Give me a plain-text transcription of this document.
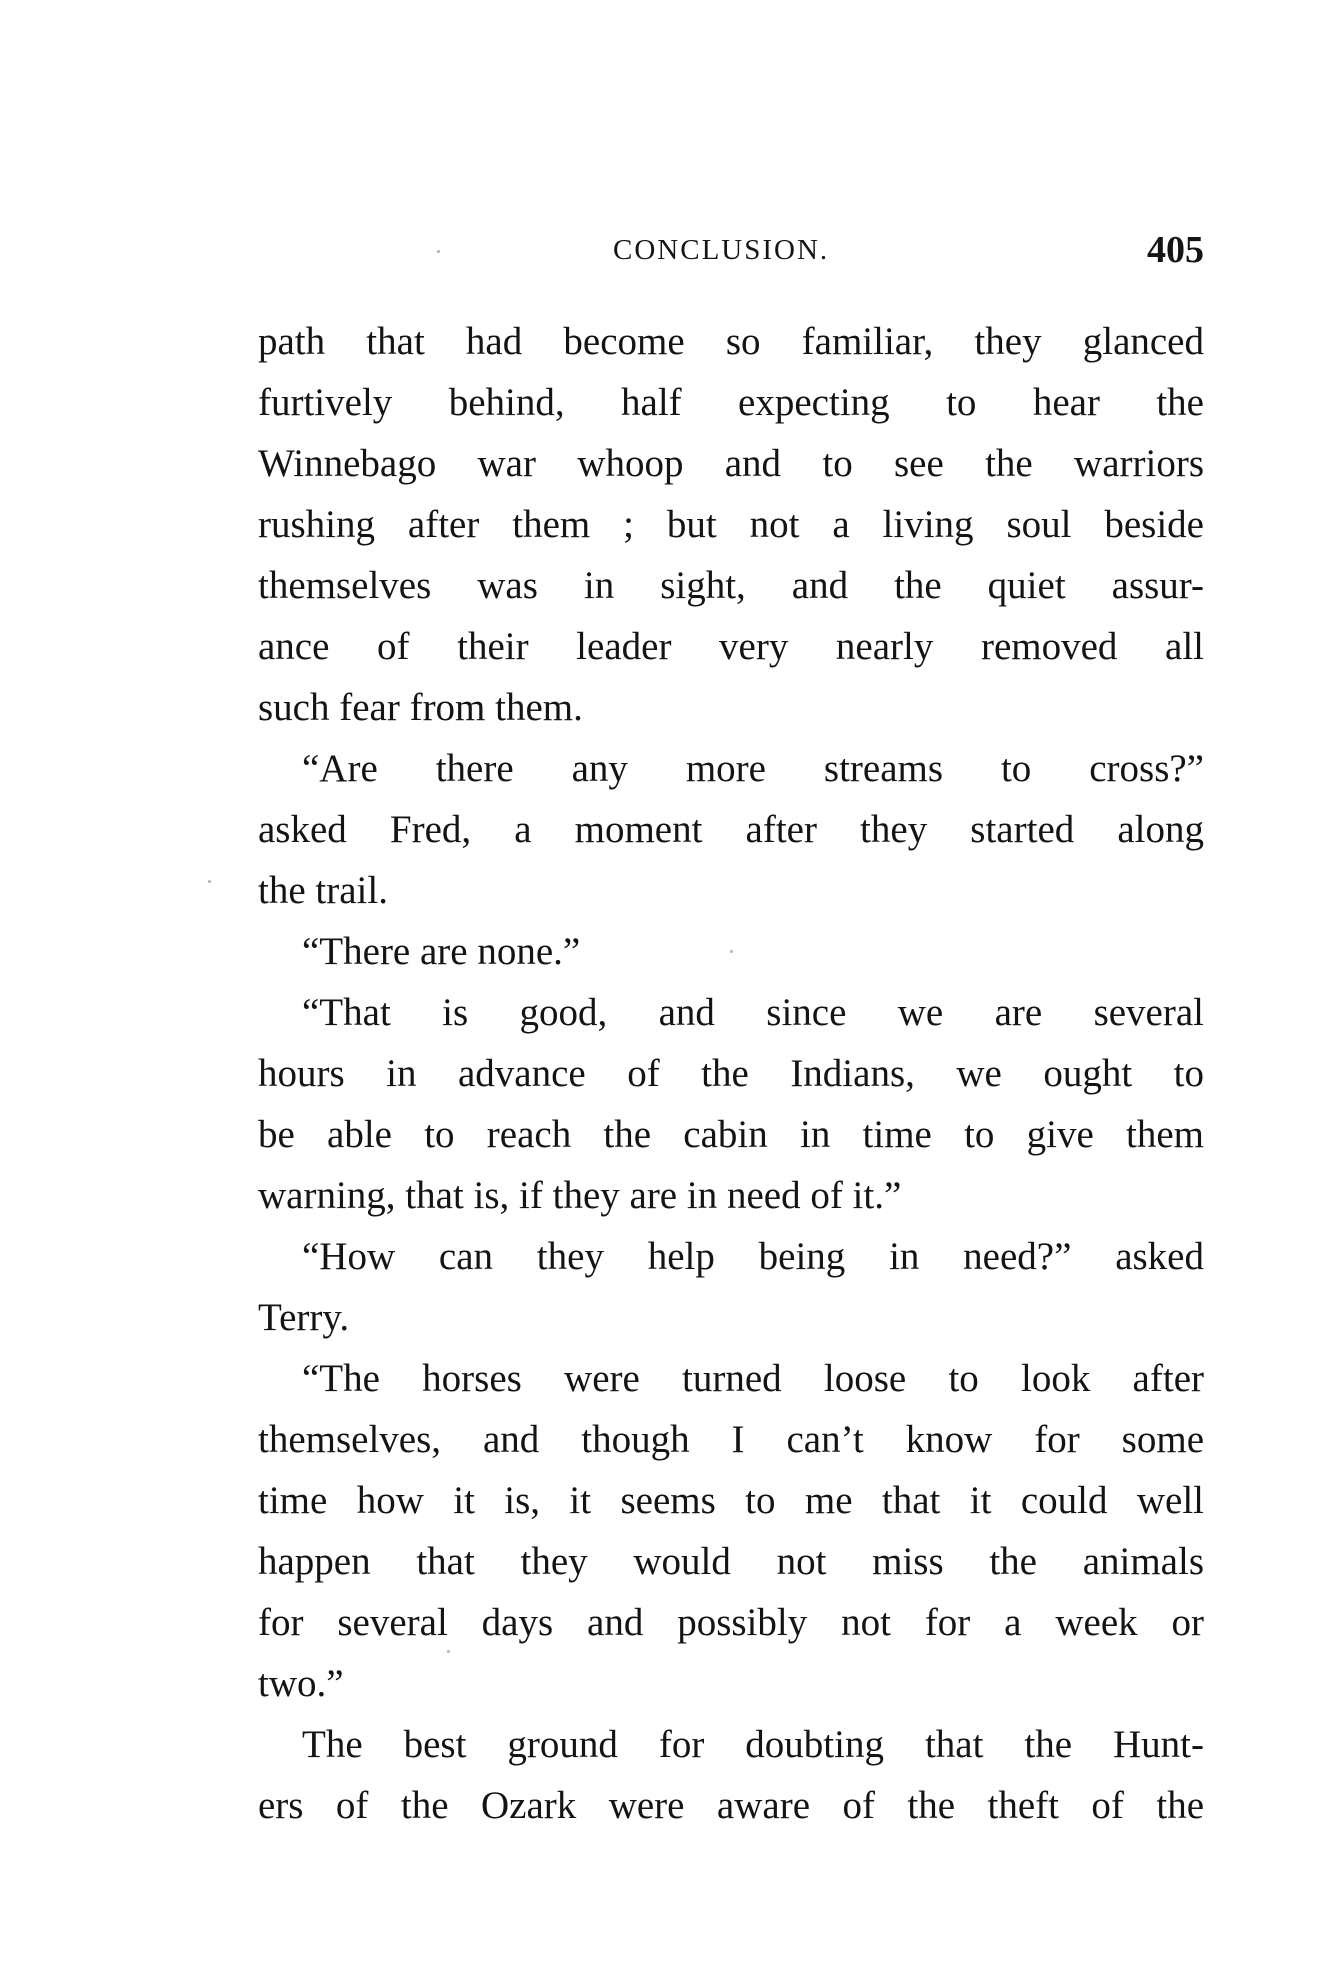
CONCLUSION.	405
path that had become so familiar, they glanced
furtively behind, half expecting to hear the
Winnebago war whoop and to see the warriors
rushing after them ; but not a living soul beside
themselves was in sight, and the quiet assur-
ance of their leader very nearly removed all
such fear from them.
“Are there any more streams to cross?”
asked Fred, a moment after they started along
the trail.
“There are none.”
“That is good, and since we are several
hours in advance of the Indians, we ought to
be able to reach the cabin in time to give them
warning, that is, if they are in need of it.”
“How can they help being in need?” asked
Terry.
“The horses were turned loose to look after
themselves, and though I can’t know for some
time how it is, it seems to me that it could well
happen that they would not miss the animals
for several days and possibly not for a week or
two.”
The best ground for doubting that the Hunt-
ers of the Ozark were aware of the theft of the
